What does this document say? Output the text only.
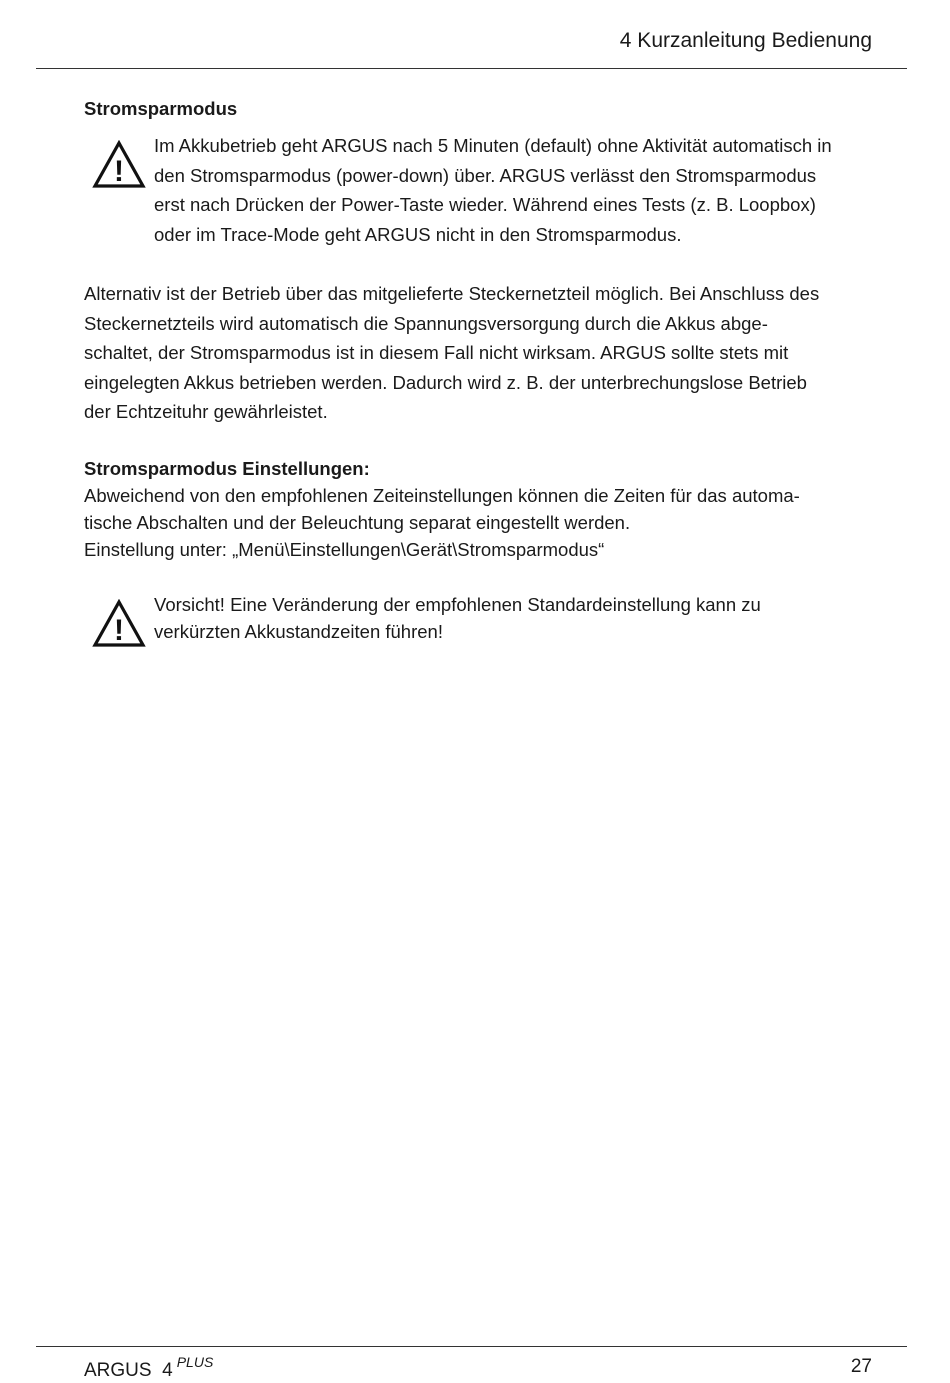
4 Kurzanleitung Bedienung
Stromsparmodus
!
Im Akkubetrieb geht ARGUS nach 5 Minuten (default) ohne Aktivität automatisch in
den Stromsparmodus (power-down) über. ARGUS verlässt den Stromsparmodus
erst nach Drücken der Power-Taste wieder. Während eines Tests (z. B. Loopbox)
oder im Trace-Mode geht ARGUS nicht in den Stromsparmodus.
Alternativ ist der Betrieb über das mitgelieferte Steckernetzteil möglich. Bei Anschluss des
Steckernetzteils wird automatisch die Spannungsversorgung durch die Akkus abge-
schaltet, der Stromsparmodus ist in diesem Fall nicht wirksam. ARGUS sollte stets mit
eingelegten Akkus betrieben werden. Dadurch wird z. B. der unterbrechungslose Betrieb
der Echtzeituhr gewährleistet.
Stromsparmodus Einstellungen:
Abweichend von den empfohlenen Zeiteinstellungen können die Zeiten für das automa-
tische Abschalten und der Beleuchtung separat eingestellt werden.
Einstellung unter: „Menü\Einstellungen\Gerät\Stromsparmodus“
!
Vorsicht! Eine Veränderung der empfohlenen Standardeinstellung kann zu
verkürzten Akkustandzeiten führen!
ARGUS  4 $^{PLUS}$	27
